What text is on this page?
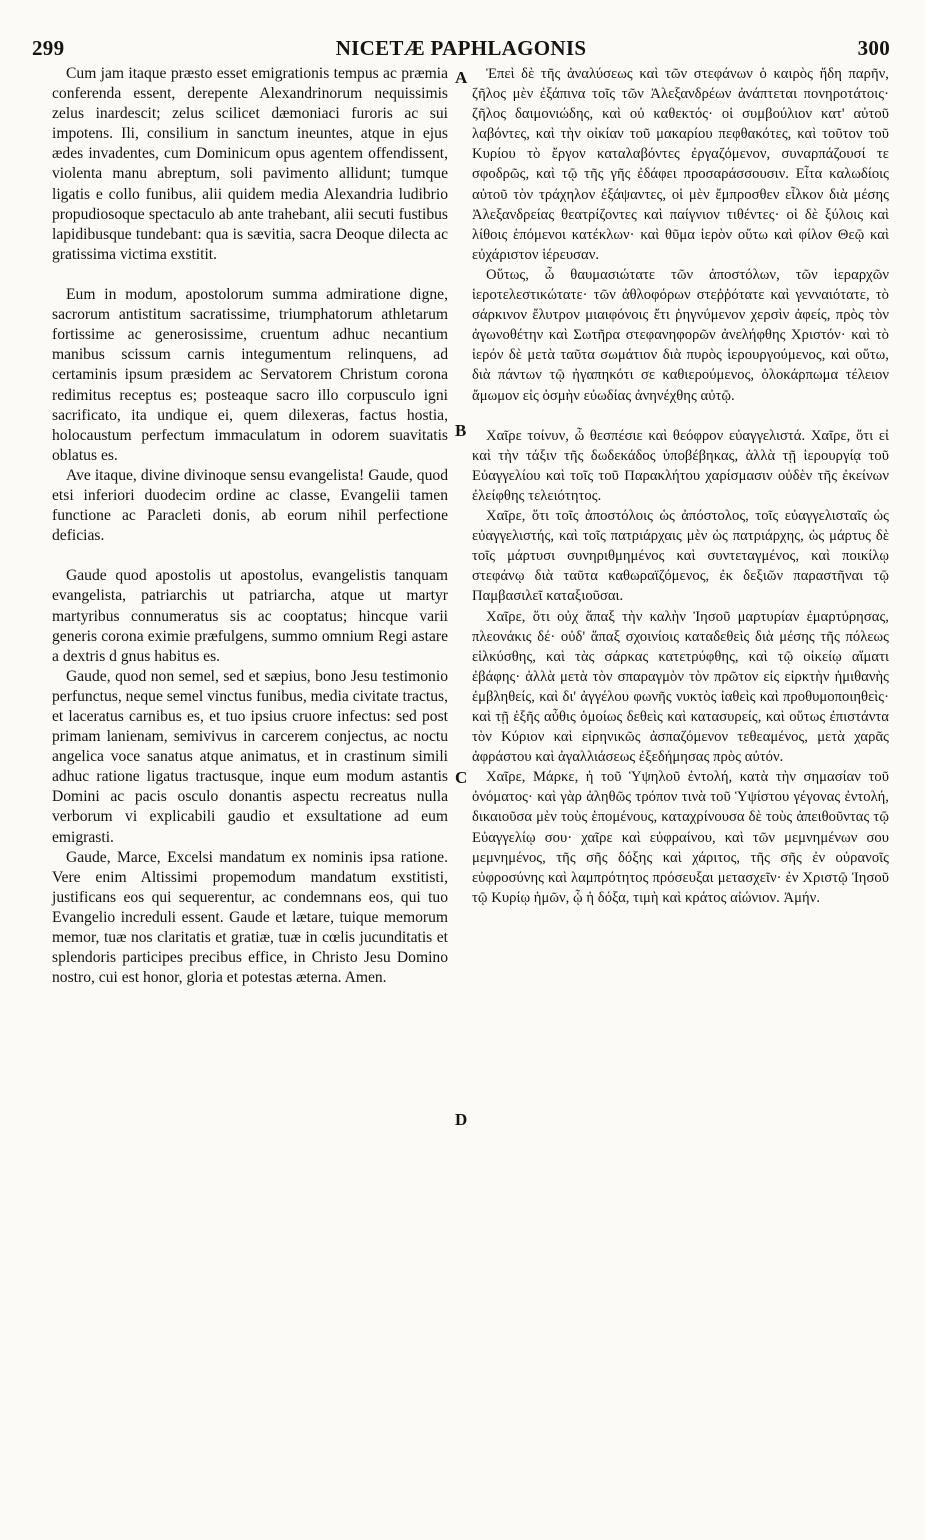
299	NICETÆ PAPHLAGONIS	300
A
B
C
D

Cum jam itaque præsto esset emigrationis tempus ac præmia conferenda essent, derepente Alexandrinorum nequissimis zelus inardescit; zelus scilicet dæmoniaci furoris ac sui impotens. Ili, consilium in sanctum ineuntes, atque in ejus ædes invadentes, cum Dominicum opus agentem offendissent, violenta manu abreptum, soli pavimento allidunt; tumque ligatis e collo funibus, alii quidem media Alexandria ludibrio propudiosoque spectaculo ab ante trahebant, alii secuti fustibus lapidibusque tundebant: qua is sævitia, sacra Deoque dilecta ac gratissima victima exstitit.

Eum in modum, apostolorum summa admiratione digne, sacrorum antistitum sacratissime, triumphatorum athletarum fortissime ac generosissime, cruentum adhuc necantium manibus scissum carnis integumentum relinquens, ad certaminis ipsum præsidem ac Servatorem Christum corona redimitus receptus es; posteaque sacro illo corpusculo igni sacrificato, ita undique ei, quem dilexeras, factus hostia, holocaustum perfectum immaculatum in odorem suavitatis oblatus es.

Ave itaque, divine divinoque sensu evangelista! Gaude, quod etsi inferiori duodecim ordine ac classe, Evangelii tamen functione ac Paracleti donis, ab eorum nihil perfectione deficias.

Gaude quod apostolis ut apostolus, evangelistis tanquam evangelista, patriarchis ut patriarcha, atque ut martyr martyribus connumeratus sis ac cooptatus; hincque varii generis corona eximie præfulgens, summo omnium Regi astare a dextris d gnus habitus es.

Gaude, quod non semel, sed et sæpius, bono Jesu testimonio perfunctus, neque semel vinctus funibus, media civitate tractus, et laceratus carnibus es, et tuo ipsius cruore infectus: sed post primam lanienam, semivivus in carcerem conjectus, ac noctu angelica voce sanatus atque animatus, et in crastinum simili adhuc ratione ligatus tractusque, inque eum modum astantis Domini ac pacis osculo donantis aspectu recreatus nulla verborum vi explicabili gaudio et exsultatione ad eum emigrasti.

Gaude, Marce, Excelsi mandatum ex nominis ipsa ratione. Vere enim Altissimi propemodum mandatum exstitisti, justificans eos qui sequerentur, ac condemnans eos, qui tuo Evangelio increduli essent. Gaude et lætare, tuique memorum memor, tuæ nos claritatis et gratiæ, tuæ in cœlis jucunditatis et splendoris participes precibus effice, in Christo Jesu Domino nostro, cui est honor, gloria et potestas æterna. Amen.

Ἐπεὶ δὲ τῆς ἀναλύσεως καὶ τῶν στεφάνων ὁ καιρὸς ἤδη παρῆν, ζῆλος μὲν ἐξάπινα τοῖς τῶν Ἀλεξανδρέων ἀνάπτεται πονηροτάτοις· ζῆλος δαιμονιώδης, καὶ οὐ καθεκτός· οἱ συμβούλιον κατ' αὐτοῦ λαβόντες, καὶ τὴν οἰκίαν τοῦ μακαρίου πεφθακότες, καὶ τοῦτον τοῦ Κυρίου τὸ ἔργον καταλαβόντες ἐργαζόμενον, συναρπάζουσί τε σφοδρῶς, καὶ τῷ τῆς γῆς ἐδάφει προσαράσσουσιν. Εἶτα καλωδίοις αὐτοῦ τὸν τράχηλον ἐξάψαντες, οἱ μὲν ἔμπροσθεν εἷλκον διὰ μέσης Ἀλεξανδρείας θεατρίζοντες καὶ παίγνιον τιθέντες· οἱ δὲ ξύλοις καὶ λίθοις ἑπόμενοι κατέκλων· καὶ θῦμα ἱερὸν οὕτω καὶ φίλον Θεῷ καὶ εὐχάριστον ἱέρευσαν.

Οὕτως, ὦ θαυμασιώτατε τῶν ἀποστόλων, τῶν ἱεραρχῶν ἱεροτελεστικώτατε· τῶν ἀθλοφόρων στεῤῥότατε καὶ γενναιότατε, τὸ σάρκινον ἔλυτρον μιαιφόνοις ἔτι ῥηγνύμενον χερσὶν ἀφείς, πρὸς τὸν ἀγωνοθέτην καὶ Σωτῆρα στεφανηφορῶν ἀνελήφθης Χριστόν· καὶ τὸ ἱερόν δὲ μετὰ ταῦτα σωμάτιον διὰ πυρὸς ἱερουργούμενος, καὶ οὕτω, διὰ πάντων τῷ ἠγαπηκότι σε καθιερούμενος, ὁλοκάρπωμα τέλειον ἄμωμον εἰς ὀσμὴν εὐωδίας ἀνηνέχθης αὐτῷ.

Χαῖρε τοίνυν, ὦ θεσπέσιε καὶ θεόφρον εὐαγγελιστά. Χαῖρε, ὅτι εἰ καὶ τὴν τάξιν τῆς δωδεκάδος ὑποβέβηκας, ἀλλὰ τῇ ἱερουργίᾳ τοῦ Εὐαγγελίου καὶ τοῖς τοῦ Παρακλήτου χαρίσμασιν οὐδὲν τῆς ἐκείνων ἐλείφθης τελειότητος.

Χαῖρε, ὅτι τοῖς ἀποστόλοις ὡς ἀπόστολος, τοῖς εὐαγγελισταῖς ὡς εὐαγγελιστής, καὶ τοῖς πατριάρχαις μὲν ὡς πατριάρχης, ὡς μάρτυς δὲ τοῖς μάρτυσι συνηριθμημένος καὶ συντεταγμένος, καὶ ποικίλῳ στεφάνῳ διὰ ταῦτα καθωραϊζόμενος, ἐκ δεξιῶν παραστῆναι τῷ Παμβασιλεῖ καταξιοῦσαι.

Χαῖρε, ὅτι οὐχ ἅπαξ τὴν καλὴν Ἰησοῦ μαρτυρίαν ἐμαρτύρησας, πλεονάκις δέ· οὐδ' ἅπαξ σχοινίοις καταδεθεὶς διὰ μέσης τῆς πόλεως εἱλκύσθης, καὶ τὰς σάρκας κατετρύφθης, καὶ τῷ οἰκείῳ αἵματι ἐβάφης· ἀλλὰ μετὰ τὸν σπαραγμὸν τὸν πρῶτον εἰς εἱρκτὴν ἡμιθανὴς ἐμβληθείς, καὶ δι' ἀγγέλου φωνῆς νυκτὸς ἰαθεὶς καὶ προθυμοποιηθεὶς· καὶ τῇ ἑξῆς αὖθις ὁμοίως δεθεὶς καὶ κατασυρείς, καὶ οὕτως ἐπιστάντα τὸν Κύριον καὶ εἰρηνικῶς ἀσπαζόμενον τεθεαμένος, μετὰ χαρᾶς ἀφράστου καὶ ἀγαλλιάσεως ἐξεδήμησας πρὸς αὐτόν.

Χαῖρε, Μάρκε, ἡ τοῦ Ὑψηλοῦ ἐντολή, κατὰ τὴν σημασίαν τοῦ ὀνόματος· καὶ γὰρ ἀληθῶς τρόπον τινὰ τοῦ Ὑψίστου γέγονας ἐντολή, δικαιοῦσα μὲν τοὺς ἑπομένους, καταχρίνουσα δὲ τοὺς ἀπειθοῦντας τῷ Εὐαγγελίῳ σου· χαῖρε καὶ εὐφραίνου, καὶ τῶν μεμνημένων σου μεμνημένος, τῆς σῆς δόξης καὶ χάριτος, τῆς σῆς ἐν οὐρανοῖς εὐφροσύνης καὶ λαμπρότητος πρόσευξαι μετασχεῖν· ἐν Χριστῷ Ἰησοῦ τῷ Κυρίῳ ἡμῶν, ᾧ ἡ δόξα, τιμὴ καὶ κράτος αἰώνιον. Ἀμήν.
